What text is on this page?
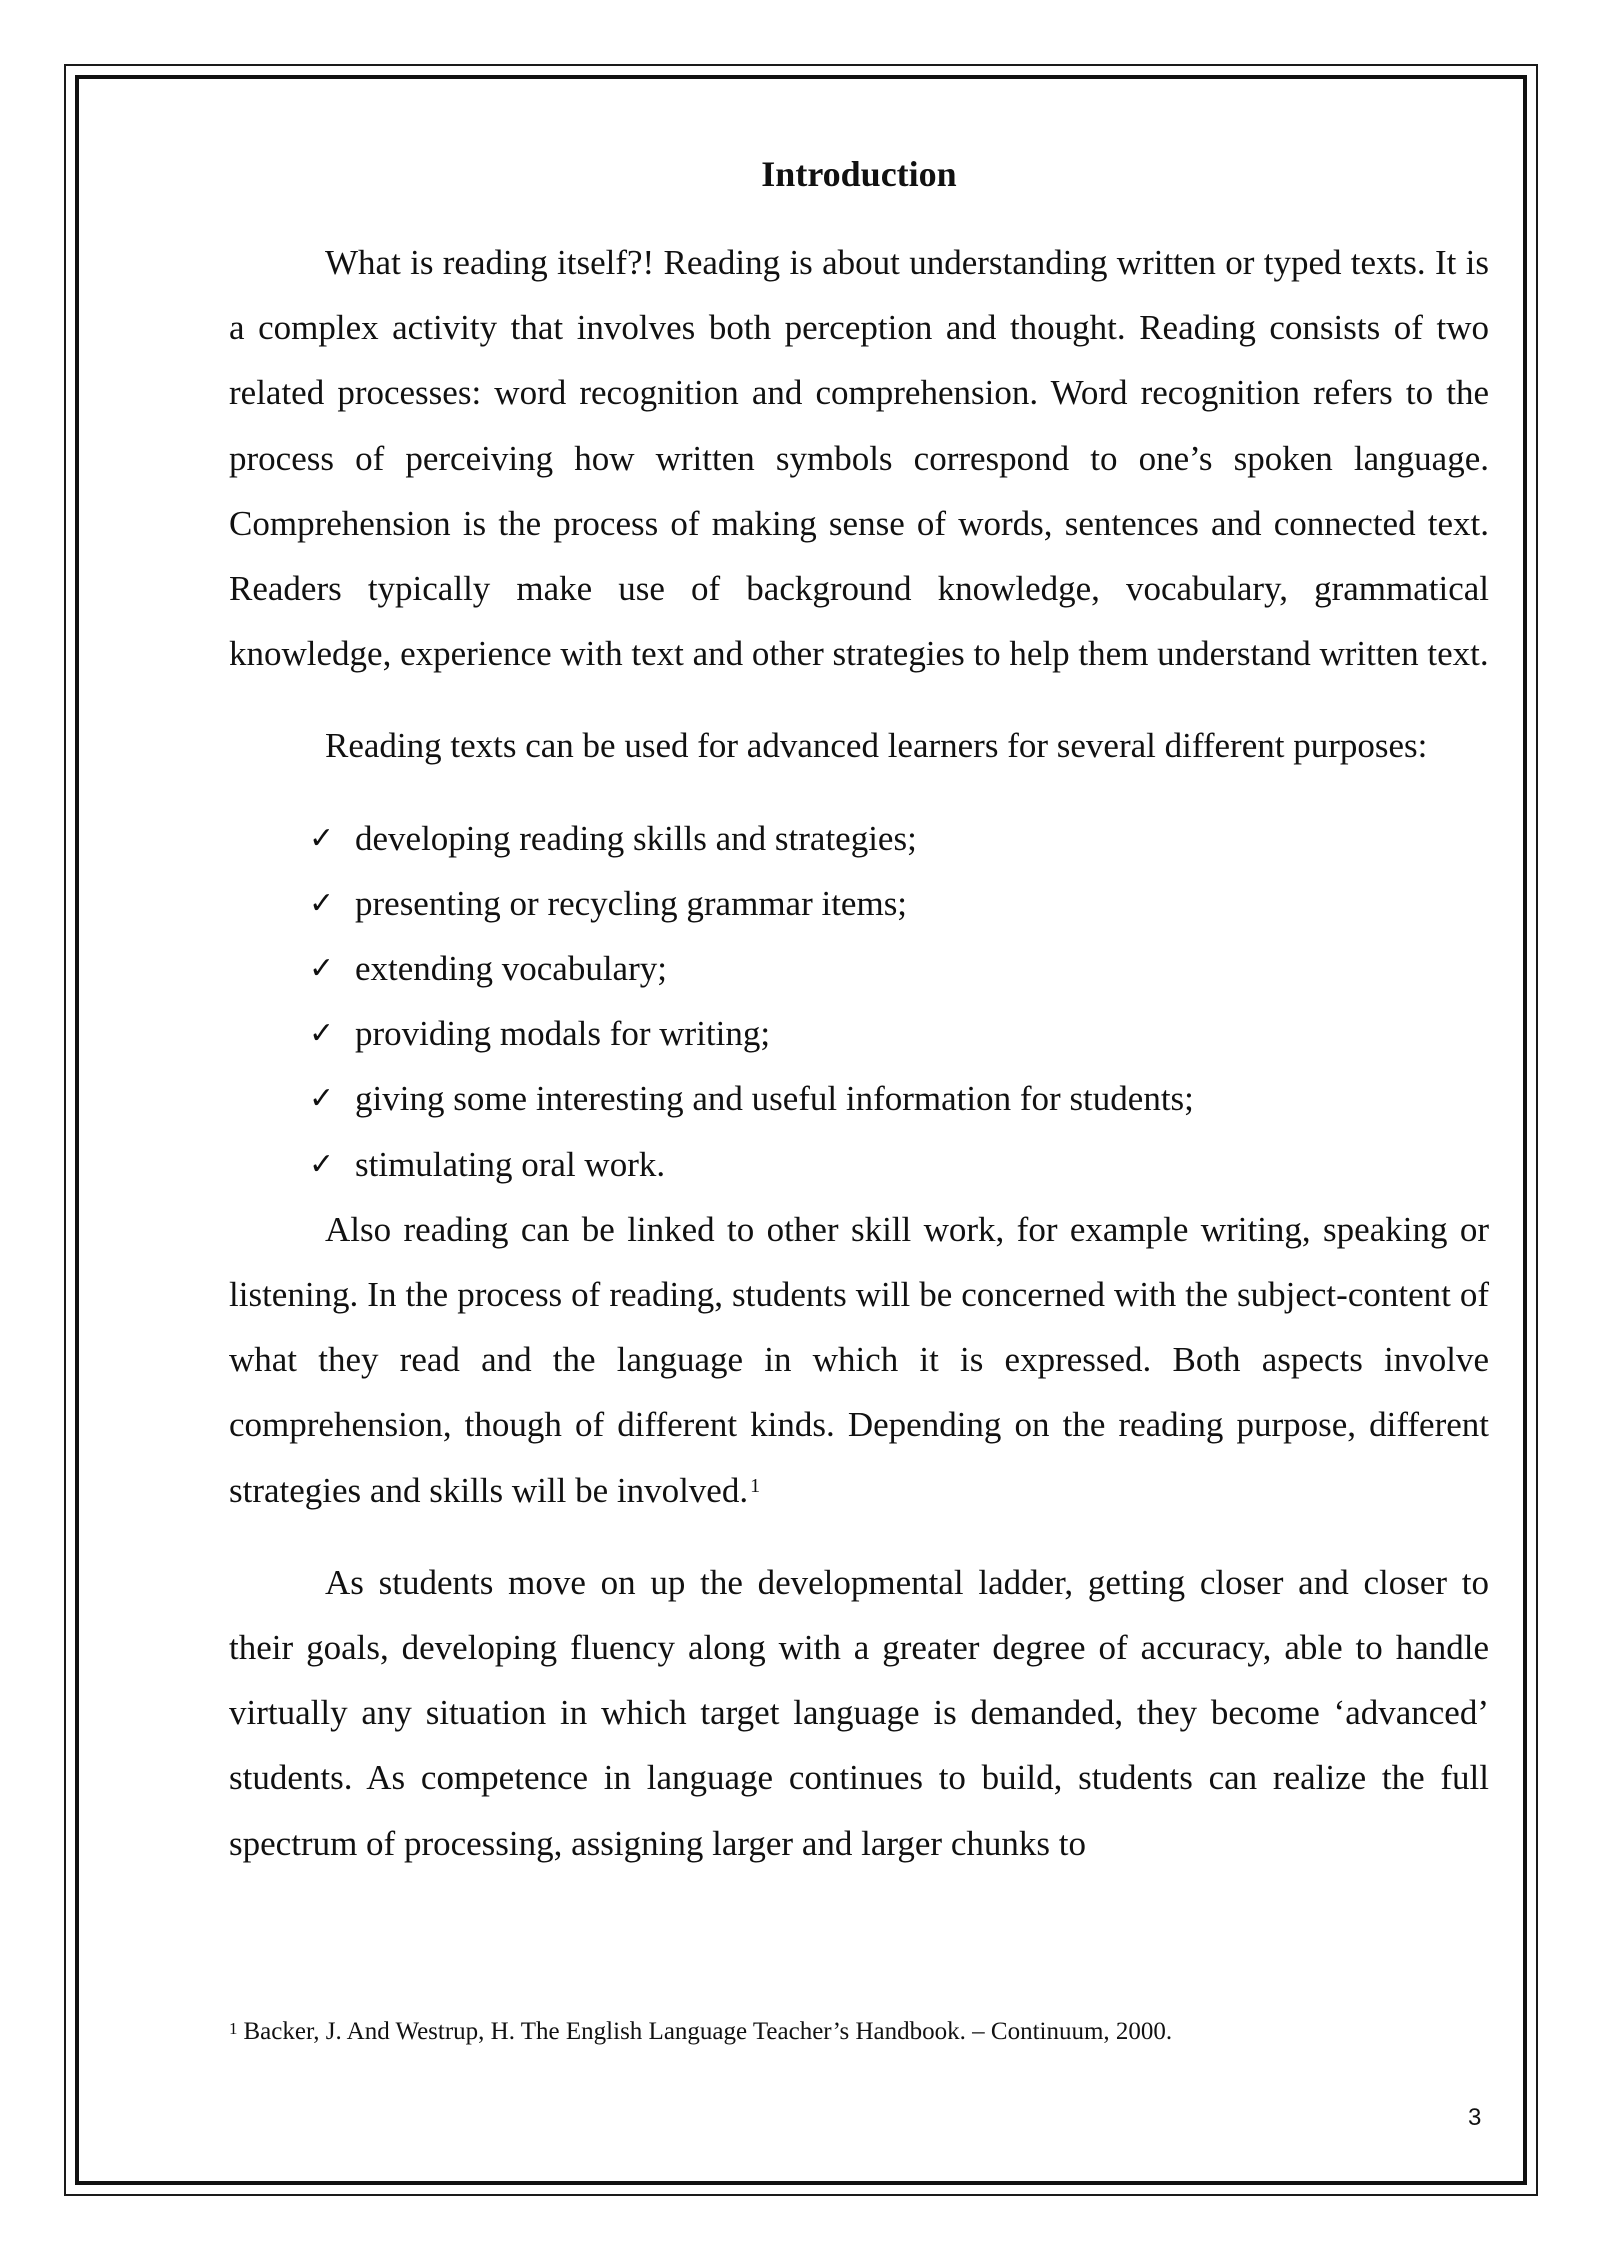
Introduction

What is reading itself?! Reading is about understanding written or typed texts. It is a complex activity that involves both perception and thought. Reading consists of two related processes: word recognition and comprehension. Word recognition refers to the process of perceiving how written symbols correspond to one’s spoken language. Comprehension is the process of making sense of words, sentences and connected text. Readers typically make use of background knowledge, vocabulary, grammatical knowledge, experience with text and other strategies to help them understand written text.

Reading texts can be used for advanced learners for several different purposes:

✓ developing reading skills and strategies;
✓ presenting or recycling grammar items;
✓ extending vocabulary;
✓ providing modals for writing;
✓ giving some interesting and useful information for students;
✓ stimulating oral work.

Also reading can be linked to other skill work, for example writing, speaking or listening. In the process of reading, students will be concerned with the subject-content of what they read and the language in which it is expressed. Both aspects involve comprehension, though of different kinds. Depending on the reading purpose, different strategies and skills will be involved. $^1$

As students move on up the developmental ladder, getting closer and closer to their goals, developing fluency along with a greater degree of accuracy, able to handle virtually any situation in which target language is demanded, they become ‘advanced’ students. As competence in language continues to build, students can realize the full spectrum of processing, assigning larger and larger chunks to

$^1$ Backer, J. And Westrup, H. The English Language Teacher’s Handbook. – Continuum, 2000.
3
